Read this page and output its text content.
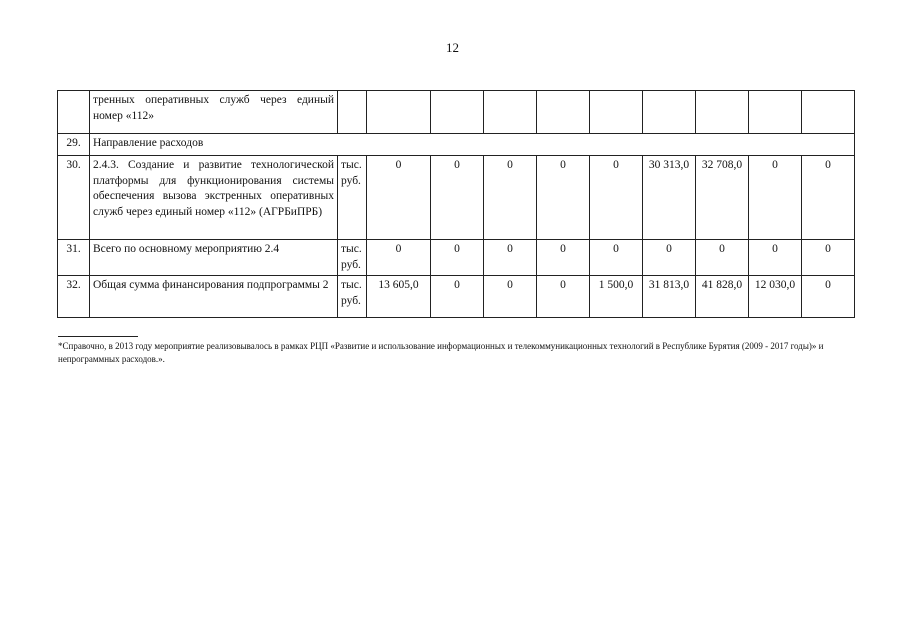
12
	тренных оперативных служб через единый номер «112»										
29.	Направление расходов										
30.	2.4.3. Создание и развитие технологической платформы для функционирования системы обеспечения вызова экстренных оперативных служб через единый номер «112» (АГРБиПРБ)	тыс. руб.	0	0	0	0	0	30 313,0	32 708,0	0	0
31.	Всего по основному мероприятию 2.4	тыс. руб.	0	0	0	0	0	0	0	0	0
32.	Общая сумма финансирования подпрограммы 2	тыс. руб.	13 605,0	0	0	0	1 500,0	31 813,0	41 828,0	12 030,0	0
*Справочно, в 2013 году мероприятие реализовывалось в рамках РЦП «Развитие и использование информационных и телекоммуникационных технологий в Республике Бурятия (2009 - 2017 годы)» и непрограммных расходов.».
